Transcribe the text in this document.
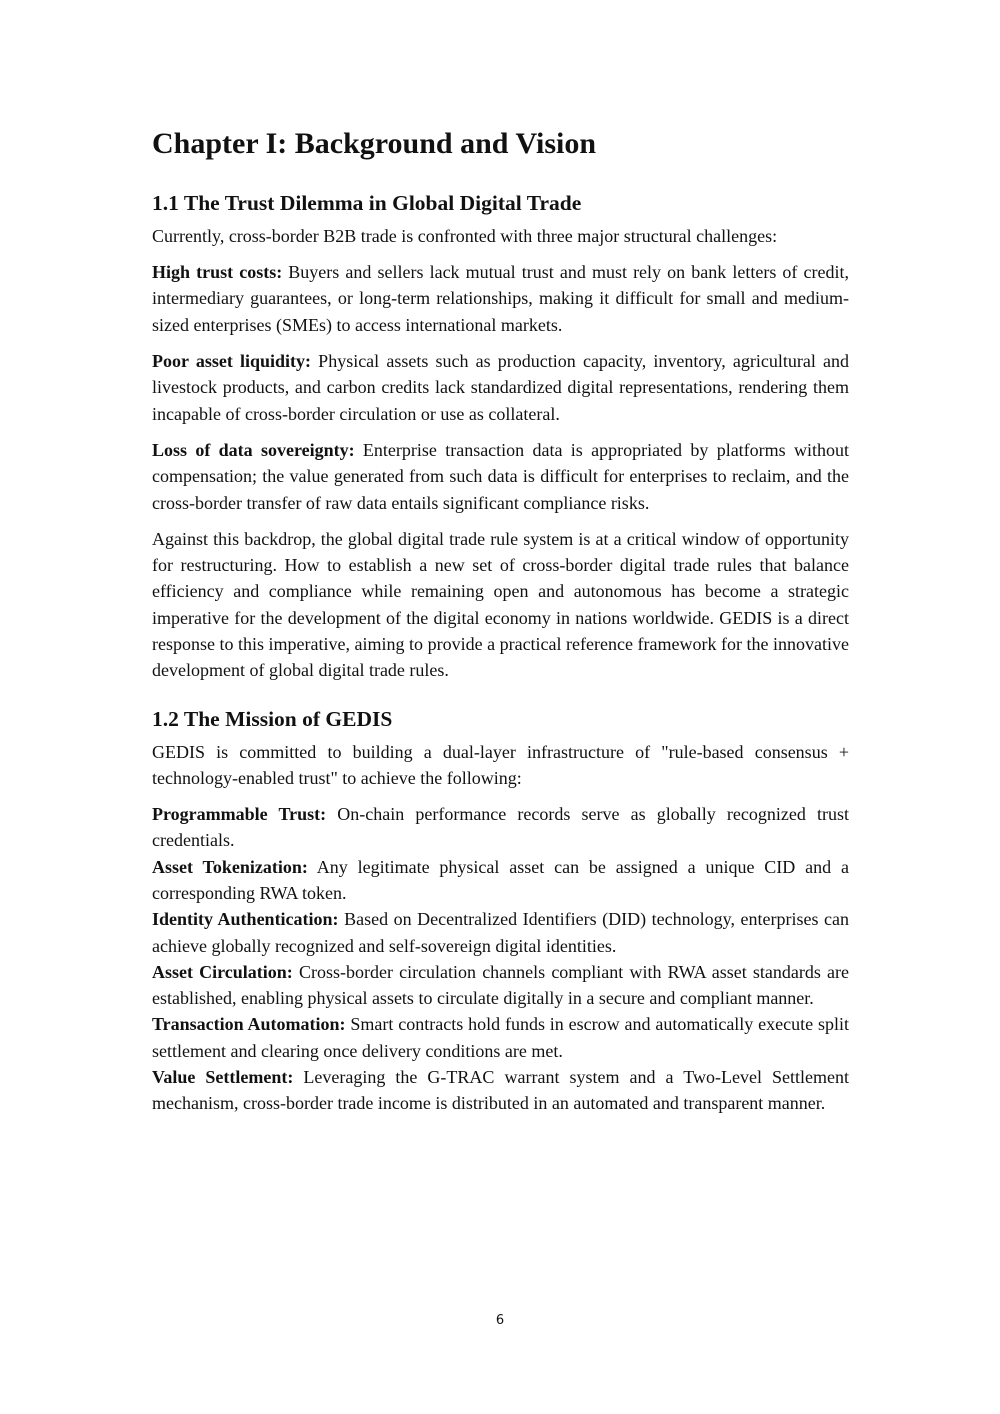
Chapter I: Background and Vision
1.1 The Trust Dilemma in Global Digital Trade

Currently, cross-border B2B trade is confronted with three major structural challenges:

High trust costs: Buyers and sellers lack mutual trust and must rely on bank letters of credit, intermediary guarantees, or long-term relationships, making it difficult for small and medium-sized enterprises (SMEs) to access international markets.

Poor asset liquidity: Physical assets such as production capacity, inventory, agricultural and livestock products, and carbon credits lack standardized digital representations, rendering them incapable of cross-border circulation or use as collateral.

Loss of data sovereignty: Enterprise transaction data is appropriated by platforms without compensation; the value generated from such data is difficult for enterprises to reclaim, and the cross-border transfer of raw data entails significant compliance risks.

Against this backdrop, the global digital trade rule system is at a critical window of opportunity for restructuring. How to establish a new set of cross-border digital trade rules that balance efficiency and compliance while remaining open and autonomous has become a strategic imperative for the development of the digital economy in nations worldwide. GEDIS is a direct response to this imperative, aiming to provide a practical reference framework for the innovative development of global digital trade rules.

1.2 The Mission of GEDIS

GEDIS is committed to building a dual-layer infrastructure of "rule-based consensus + technology-enabled trust" to achieve the following:

Programmable Trust: On-chain performance records serve as globally recognized trust credentials.

Asset Tokenization: Any legitimate physical asset can be assigned a unique CID and a corresponding RWA token.

Identity Authentication: Based on Decentralized Identifiers (DID) technology, enterprises can achieve globally recognized and self-sovereign digital identities.

Asset Circulation: Cross-border circulation channels compliant with RWA asset standards are established, enabling physical assets to circulate digitally in a secure and compliant manner.

Transaction Automation: Smart contracts hold funds in escrow and automatically execute split settlement and clearing once delivery conditions are met.

Value Settlement: Leveraging the G-TRAC warrant system and a Two-Level Settlement mechanism, cross-border trade income is distributed in an automated and transparent manner.

6
